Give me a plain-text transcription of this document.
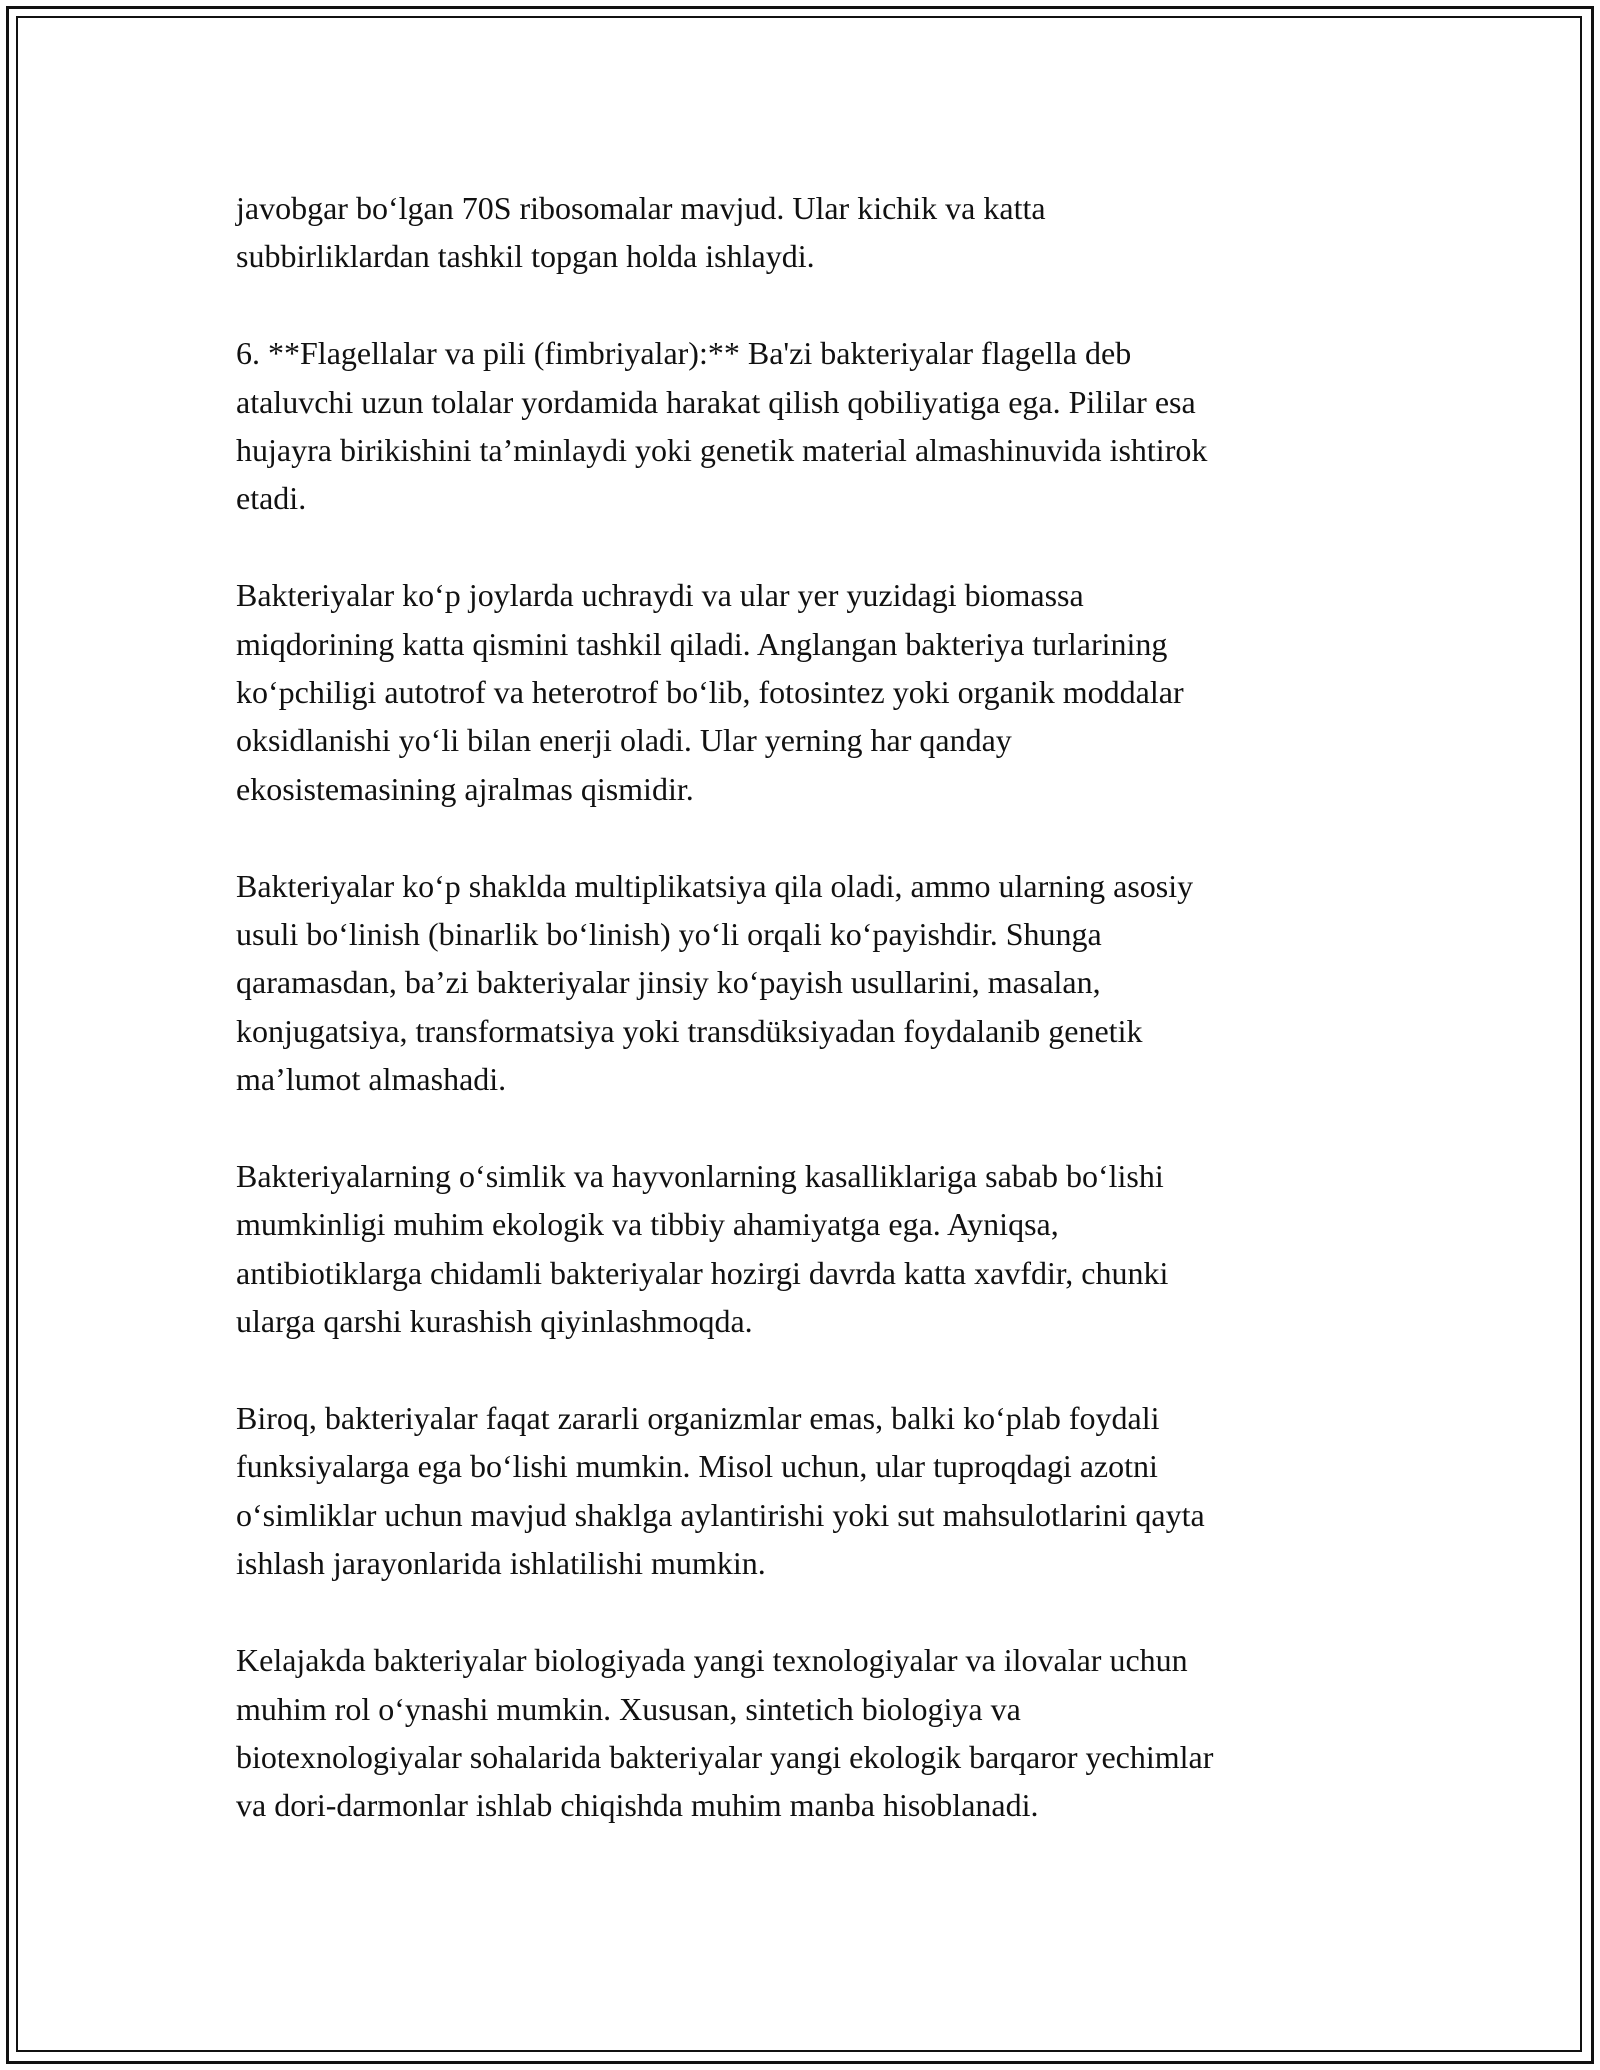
javobgar bo‘lgan 70S ribosomalar mavjud. Ular kichik va katta
subbirliklardan tashkil topgan holda ishlaydi.

6. **Flagellalar va pili (fimbriyalar):** Ba'zi bakteriyalar flagella deb
ataluvchi uzun tolalar yordamida harakat qilish qobiliyatiga ega. Pililar esa
hujayra birikishini ta’minlaydi yoki genetik material almashinuvida ishtirok
etadi.

Bakteriyalar ko‘p joylarda uchraydi va ular yer yuzidagi biomassa
miqdorining katta qismini tashkil qiladi. Anglangan bakteriya turlarining
ko‘pchiligi autotrof va heterotrof bo‘lib, fotosintez yoki organik moddalar
oksidlanishi yo‘li bilan enerji oladi. Ular yerning har qanday
ekosistemasining ajralmas qismidir.

Bakteriyalar ko‘p shaklda multiplikatsiya qila oladi, ammo ularning asosiy
usuli bo‘linish (binarlik bo‘linish) yo‘li orqali ko‘payishdir. Shunga
qaramasdan, ba’zi bakteriyalar jinsiy ko‘payish usullarini, masalan,
konjugatsiya, transformatsiya yoki transdüksiyadan foydalanib genetik
ma’lumot almashadi.

Bakteriyalarning o‘simlik va hayvonlarning kasalliklariga sabab bo‘lishi
mumkinligi muhim ekologik va tibbiy ahamiyatga ega. Ayniqsa,
antibiotiklarga chidamli bakteriyalar hozirgi davrda katta xavfdir, chunki
ularga qarshi kurashish qiyinlashmoqda.

Biroq, bakteriyalar faqat zararli organizmlar emas, balki ko‘plab foydali
funksiyalarga ega bo‘lishi mumkin. Misol uchun, ular tuproqdagi azotni
o‘simliklar uchun mavjud shaklga aylantirishi yoki sut mahsulotlarini qayta
ishlash jarayonlarida ishlatilishi mumkin.

Kelajakda bakteriyalar biologiyada yangi texnologiyalar va ilovalar uchun
muhim rol o‘ynashi mumkin. Xususan, sintetich biologiya va
biotexnologiyalar sohalarida bakteriyalar yangi ekologik barqaror yechimlar
va dori-darmonlar ishlab chiqishda muhim manba hisoblanadi.
